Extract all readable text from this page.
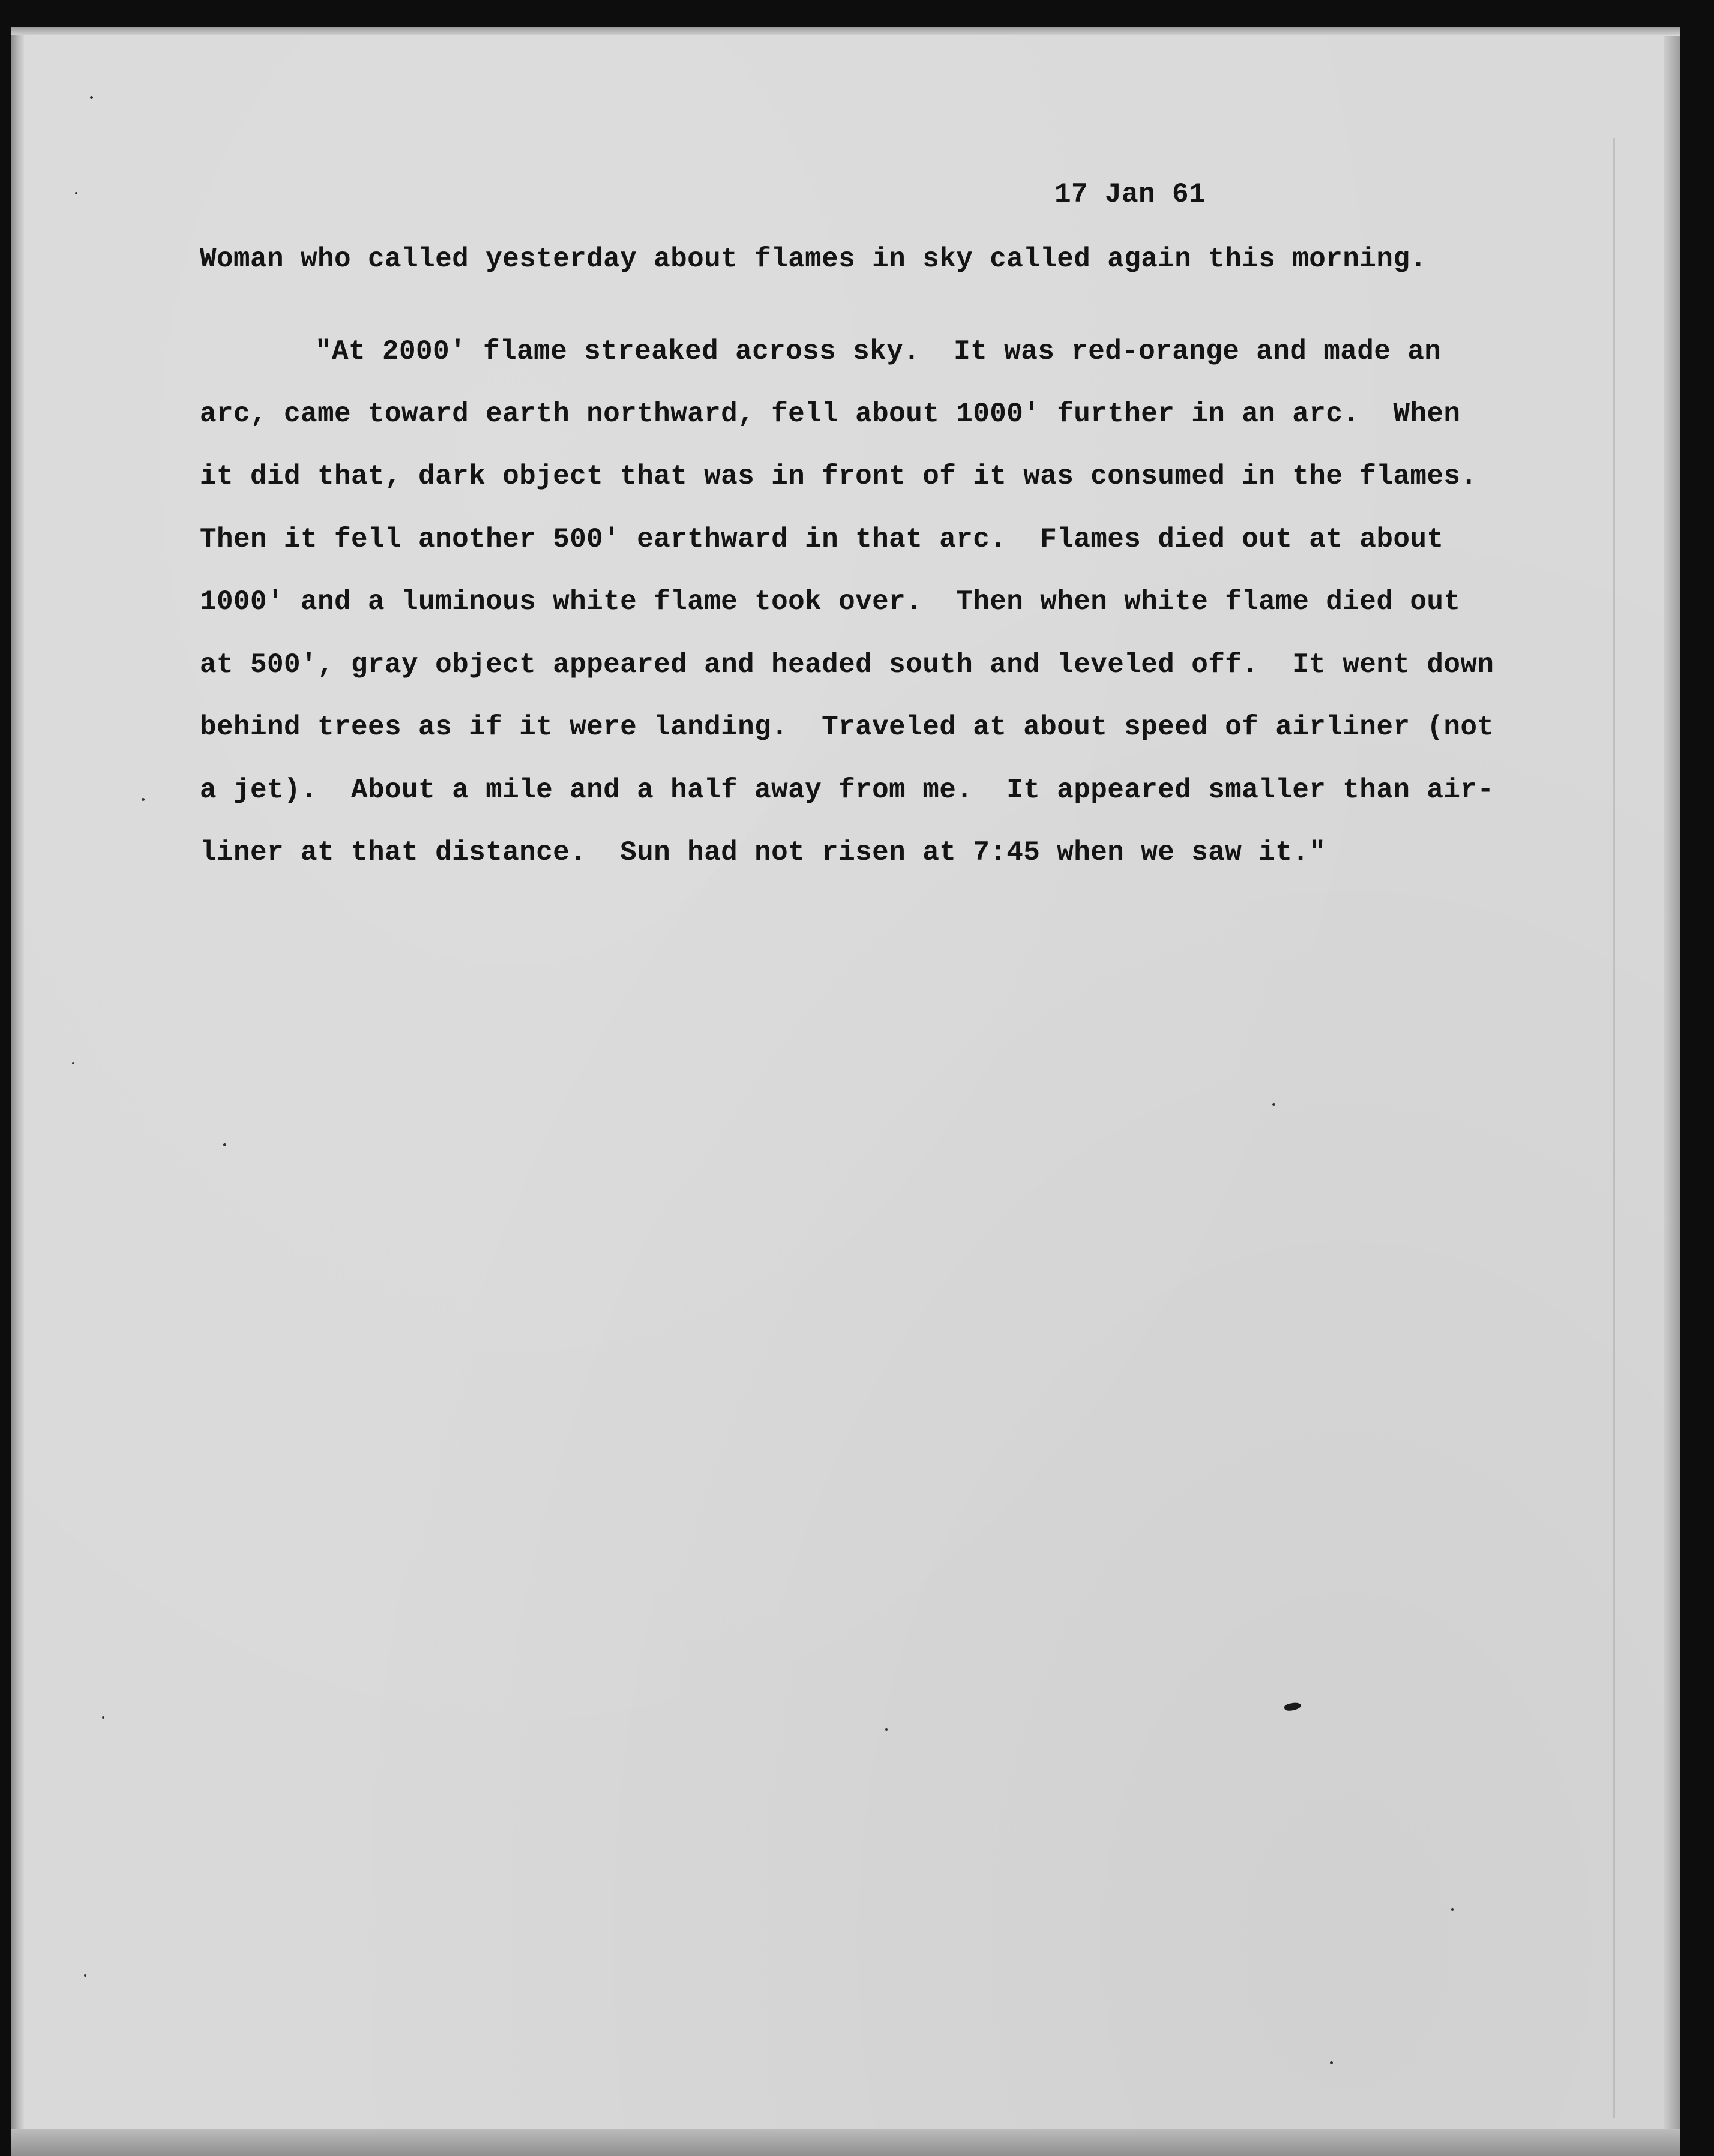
17 Jan 61
Woman who called yesterday about flames in sky called again this morning.
"At 2000' flame streaked across sky.  It was red-orange and made an
arc, came toward earth northward, fell about 1000' further in an arc.  When
it did that, dark object that was in front of it was consumed in the flames.
Then it fell another 500' earthward in that arc.  Flames died out at about
1000' and a luminous white flame took over.  Then when white flame died out
at 500', gray object appeared and headed south and leveled off.  It went down
behind trees as if it were landing.  Traveled at about speed of airliner (not
a jet).  About a mile and a half away from me.  It appeared smaller than air-
liner at that distance.  Sun had not risen at 7:45 when we saw it."
